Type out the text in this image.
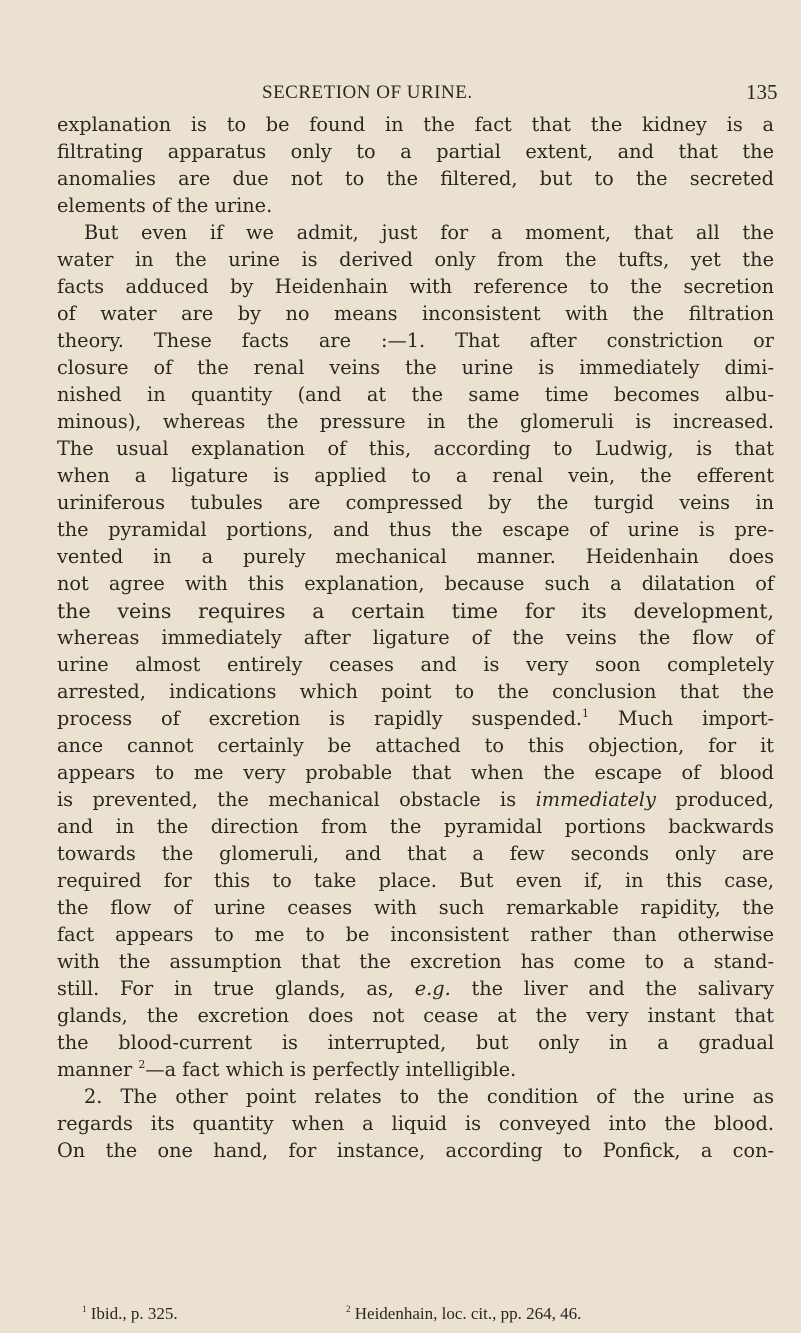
SECRETION OF URINE.	135
explanation is to be found in the fact that the kidney is a
filtrating apparatus only to a partial extent, and that the
anomalies are due not to the filtered, but to the secreted
elements of the urine.
But even if we admit, just for a moment, that all the
water in the urine is derived only from the tufts, yet the
facts adduced by Heidenhain with reference to the secretion
of water are by no means inconsistent with the filtration
theory. These facts are :—1. That after constriction or
closure of the renal veins the urine is immediately dimi-
nished in quantity (and at the same time becomes albu-
minous), whereas the pressure in the glomeruli is increased.
The usual explanation of this, according to Ludwig, is that
when a ligature is applied to a renal vein, the efferent
uriniferous tubules are compressed by the turgid veins in
the pyramidal portions, and thus the escape of urine is pre-
vented in a purely mechanical manner. Heidenhain does
not agree with this explanation, because such a dilatation of
the veins requires a certain time for its development,
whereas immediately after ligature of the veins the flow of
urine almost entirely ceases and is very soon completely
arrested, indications which point to the conclusion that the
process of excretion is rapidly suspended.$^1$ Much import-
ance cannot certainly be attached to this objection, for it
appears to me very probable that when the escape of blood
is prevented, the mechanical obstacle is immediately produced,
and in the direction from the pyramidal portions backwards
towards the glomeruli, and that a few seconds only are
required for this to take place. But even if, in this case,
the flow of urine ceases with such remarkable rapidity, the
fact appears to me to be inconsistent rather than otherwise
with the assumption that the excretion has come to a stand-
still. For in true glands, as, e.g. the liver and the salivary
glands, the excretion does not cease at the very instant that
the blood-current is interrupted, but only in a gradual
manner $^2$—a fact which is perfectly intelligible.
2. The other point relates to the condition of the urine as
regards its quantity when a liquid is conveyed into the blood.
On the one hand, for instance, according to Ponfick, a con-
$^1$ Ibid., p. 325.	$^2$ Heidenhain, loc. cit., pp. 264, 46.
